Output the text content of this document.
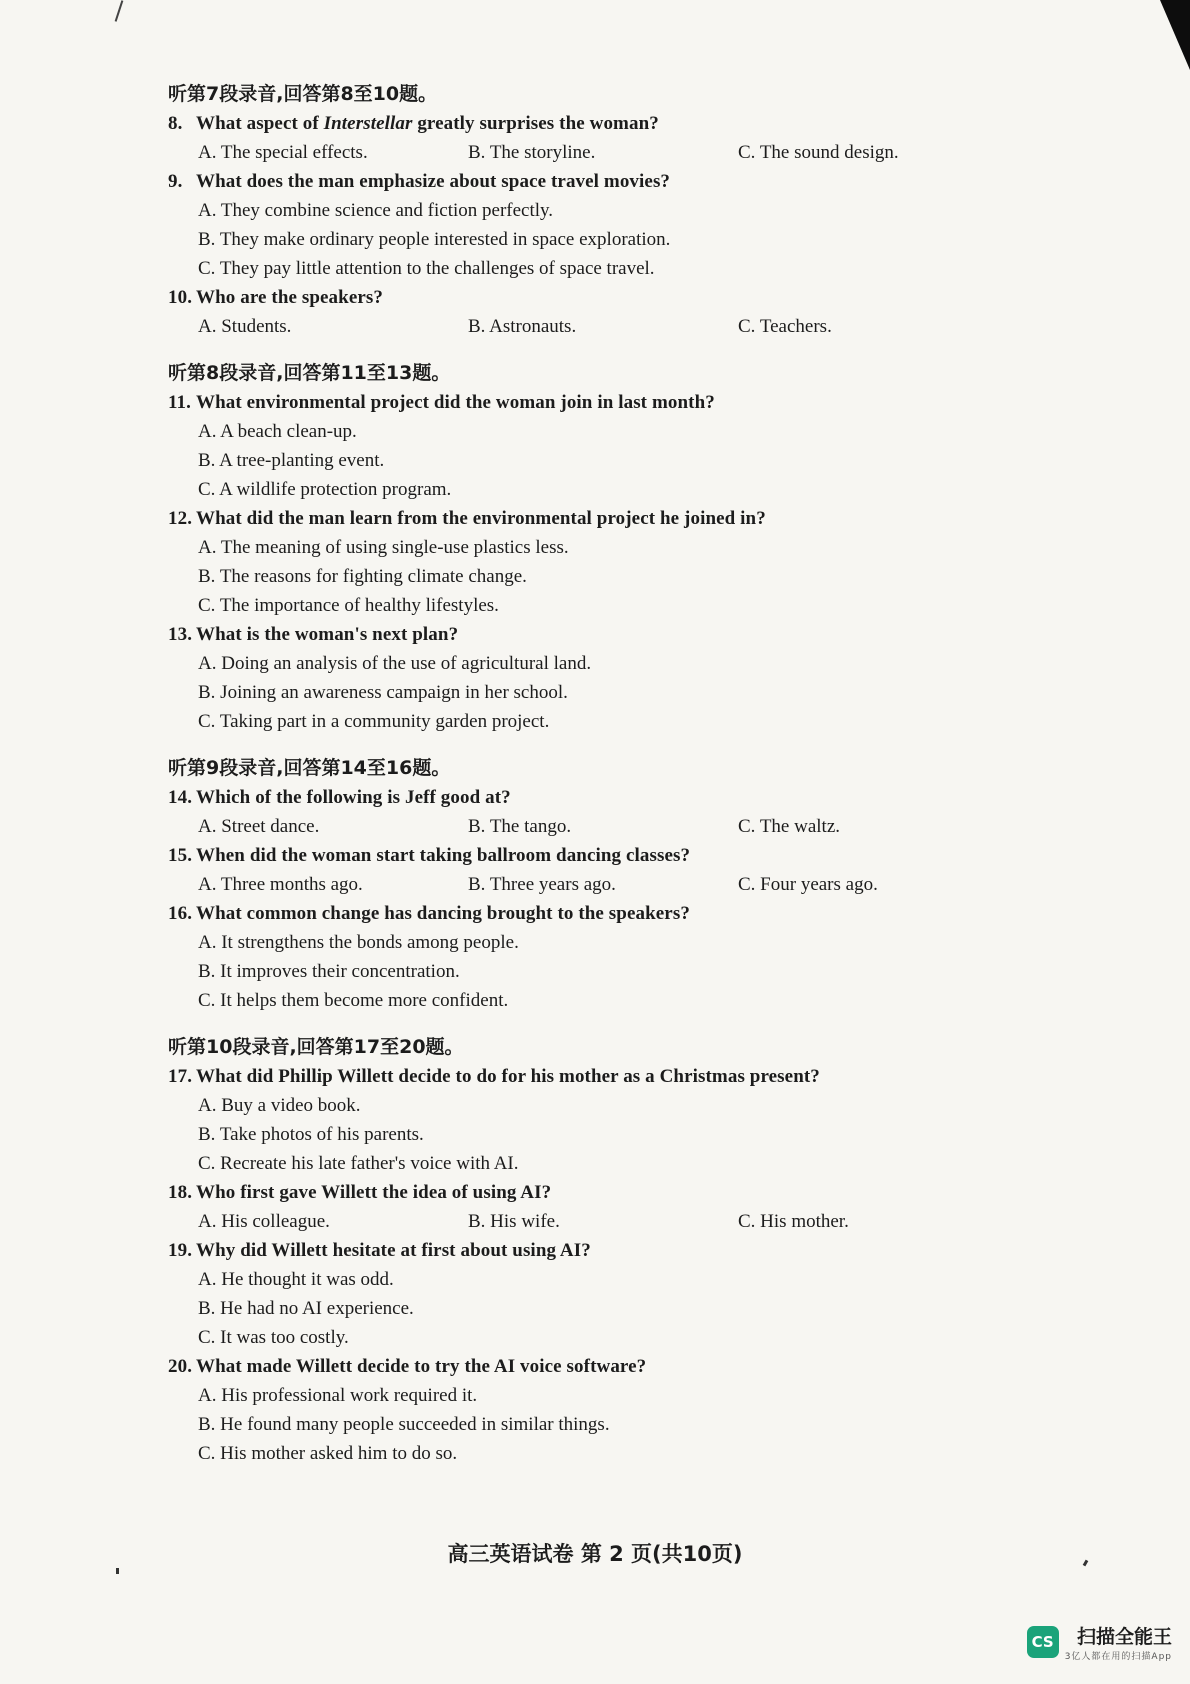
听第7段录音,回答第8至10题。
8. What aspect of Interstellar greatly surprises the woman?
A. The special effects.	B. The storyline.	C. The sound design.
9. What does the man emphasize about space travel movies?
A. They combine science and fiction perfectly.
B. They make ordinary people interested in space exploration.
C. They pay little attention to the challenges of space travel.
10. Who are the speakers?
A. Students.	B. Astronauts.	C. Teachers.
听第8段录音,回答第11至13题。
11. What environmental project did the woman join in last month?
A. A beach clean-up.
B. A tree-planting event.
C. A wildlife protection program.
12. What did the man learn from the environmental project he joined in?
A. The meaning of using single-use plastics less.
B. The reasons for fighting climate change.
C. The importance of healthy lifestyles.
13. What is the woman's next plan?
A. Doing an analysis of the use of agricultural land.
B. Joining an awareness campaign in her school.
C. Taking part in a community garden project.
听第9段录音,回答第14至16题。
14. Which of the following is Jeff good at?
A. Street dance.	B. The tango.	C. The waltz.
15. When did the woman start taking ballroom dancing classes?
A. Three months ago.	B. Three years ago.	C. Four years ago.
16. What common change has dancing brought to the speakers?
A. It strengthens the bonds among people.
B. It improves their concentration.
C. It helps them become more confident.
听第10段录音,回答第17至20题。
17. What did Phillip Willett decide to do for his mother as a Christmas present?
A. Buy a video book.
B. Take photos of his parents.
C. Recreate his late father's voice with AI.
18. Who first gave Willett the idea of using AI?
A. His colleague.	B. His wife.	C. His mother.
19. Why did Willett hesitate at first about using AI?
A. He thought it was odd.
B. He had no AI experience.
C. It was too costly.
20. What made Willett decide to try the AI voice software?
A. His professional work required it.
B. He found many people succeeded in similar things.
C. His mother asked him to do so.
高三英语试卷 第 2 页(共10页)
CS 扫描全能王
3亿人都在用的扫描App
